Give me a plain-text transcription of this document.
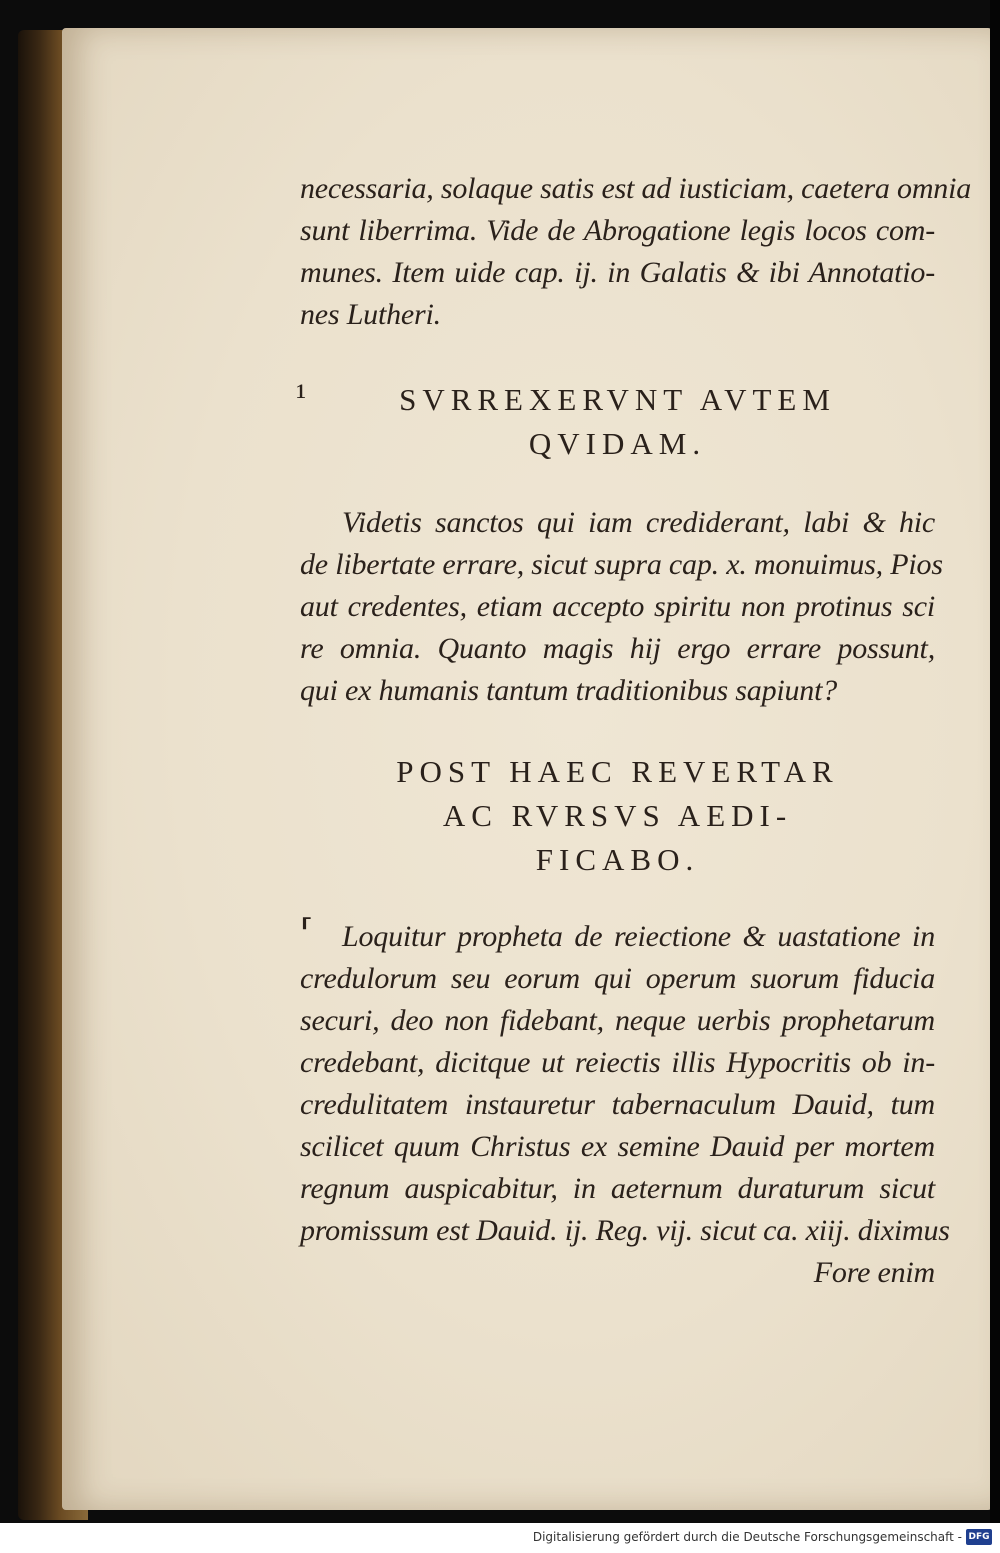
necessaria, solaque satis est ad iusticiam, caetera omnia
sunt liberrima. Vide de Abrogatione legis locos com-
munes. Item uide cap. ij. in Galatis & ibi Annotatio-
nes Lutheri.
¹	SVRREXERVNT AVTEM
QVIDAM.
Videtis sanctos qui iam crediderant, labi & hic
de libertate errare, sicut supra cap. x. monuimus, Pios
aut credentes, etiam accepto spiritu non protinus sci
re omnia. Quanto magis hij ergo errare possunt,
qui ex humanis tantum traditionibus sapiunt?
POST HAEC REVERTAR
AC RVRSVS AEDI-
FICABO.
⸢ Loquitur propheta de reiectione & uastatione in
credulorum seu eorum qui operum suorum fiducia
securi, deo non fidebant, neque uerbis prophetarum
credebant, dicitque ut reiectis illis Hypocritis ob in-
credulitatem instauretur tabernaculum Dauid, tum
scilicet quum Christus ex semine Dauid per mortem
regnum auspicabitur, in aeternum duraturum sicut
promissum est Dauid. ij. Reg. vij. sicut ca. xiij. diximus
Fore enim
Digitalisierung gefördert durch die Deutsche Forschungsgemeinschaft - DFG
